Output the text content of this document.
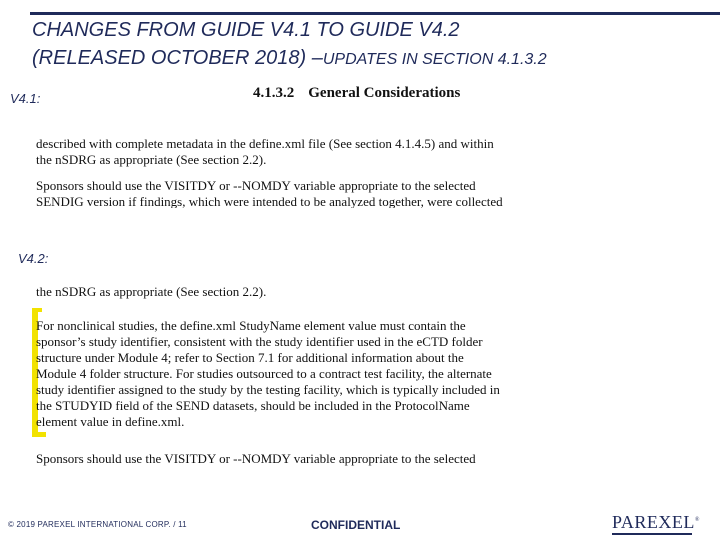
CHANGES FROM GUIDE V4.1 TO GUIDE V4.2
(RELEASED OCTOBER 2018) –UPDATES IN SECTION 4.1.3.2
V4.1:	4.1.3.2 General Considerations
described with complete metadata in the define.xml file (See section 4.1.4.5) and within
the nSDRG as appropriate (See section 2.2).
Sponsors should use the VISITDY or --NOMDY variable appropriate to the selected
SENDIG version if findings, which were intended to be analyzed together, were collected
V4.2:
the nSDRG as appropriate (See section 2.2).
For nonclinical studies, the define.xml StudyName element value must contain the
sponsor’s study identifier, consistent with the study identifier used in the eCTD folder
structure under Module 4; refer to Section 7.1 for additional information about the
Module 4 folder structure. For studies outsourced to a contract test facility, the alternate
study identifier assigned to the study by the testing facility, which is typically included in
the STUDYID field of the SEND datasets, should be included in the ProtocolName
element value in define.xml.
Sponsors should use the VISITDY or --NOMDY variable appropriate to the selected
© 2019 PAREXEL INTERNATIONAL CORP. / 11	CONFIDENTIAL	PAREXEL®
